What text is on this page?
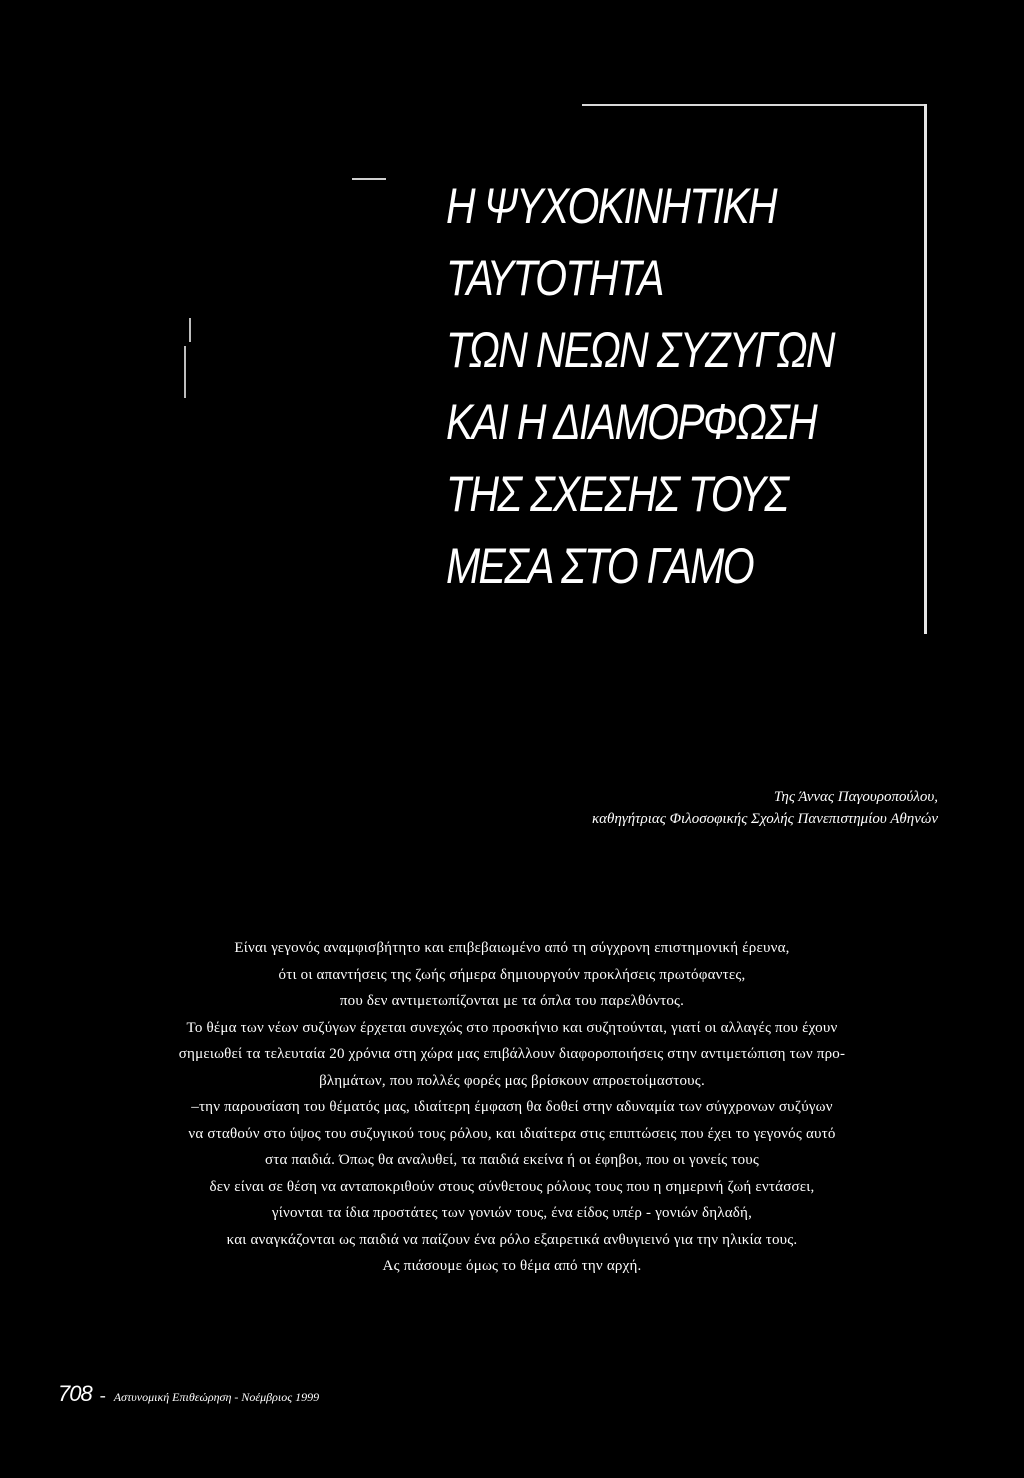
Η ΨΥΧΟΚΙΝΗΤΙΚΗ
ΤΑΥΤΟΤΗΤΑ
ΤΩΝ ΝΕΩΝ ΣΥΖΥΓΩΝ
ΚΑΙ Η ΔΙΑΜΟΡΦΩΣΗ
ΤΗΣ ΣΧΕΣΗΣ ΤΟΥΣ
ΜΕΣΑ ΣΤΟ ΓΑΜΟ
Της Άννας Παγουροπούλου,
καθηγήτριας Φιλοσοφικής Σχολής Πανεπιστημίου Αθηνών
Είναι γεγονός αναμφισβήτητο και επιβεβαιωμένο από τη σύγχρονη επιστημονική έρευνα,
ότι οι απαντήσεις της ζωής σήμερα δημιουργούν προκλήσεις πρωτόφαντες,
που δεν αντιμετωπίζονται με τα όπλα του παρελθόντος.
Το θέμα των νέων συζύγων έρχεται συνεχώς στο προσκήνιο και συζητούνται, γιατί οι αλλαγές που έχουν
σημειωθεί τα τελευταία 20 χρόνια στη χώρα μας επιβάλλουν διαφοροποιήσεις στην αντιμετώπιση των προ-
βλημάτων, που πολλές φορές μας βρίσκουν απροετοίμαστους.
‒την παρουσίαση του θέματός μας, ιδιαίτερη έμφαση θα δοθεί στην αδυναμία των σύγχρονων συζύγων
να σταθούν στο ύψος του συζυγικού τους ρόλου, και ιδιαίτερα στις επιπτώσεις που έχει το γεγονός αυτό
στα παιδιά. Όπως θα αναλυθεί, τα παιδιά εκείνα ή οι έφηβοι, που οι γονείς τους
δεν είναι σε θέση να ανταποκριθούν στους σύνθετους ρόλους τους που η σημερινή ζωή εντάσσει,
γίνονται τα ίδια προστάτες των γονιών τους, ένα είδος υπέρ - γονιών δηλαδή,
και αναγκάζονται ως παιδιά να παίζουν ένα ρόλο εξαιρετικά ανθυγιεινό για την ηλικία τους.
Ας πιάσουμε όμως το θέμα από την αρχή.
708 - Αστυνομική Επιθεώρηση - Νοέμβριος 1999
